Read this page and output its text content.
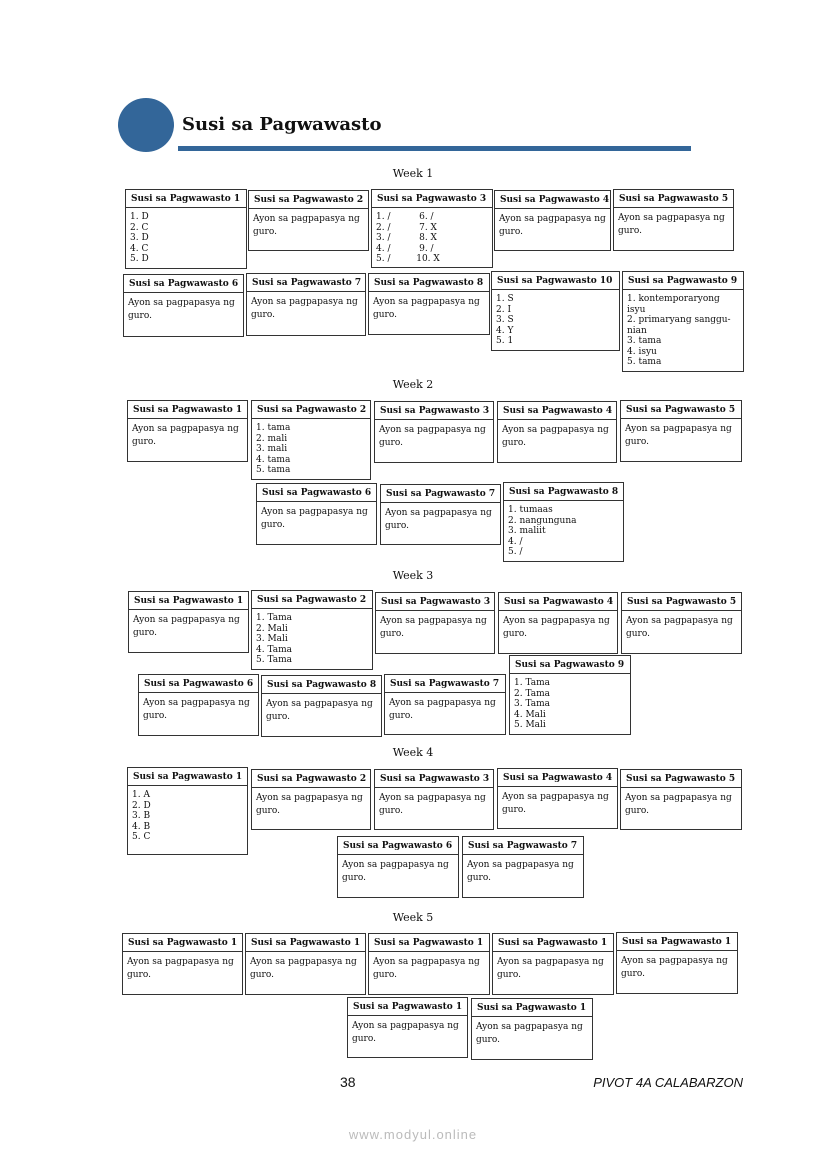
Susi sa Pagwawasto
Week 1
Susi sa Pagwawasto 1
1. D
2. C
3. D
4. C
5. D
Susi sa Pagwawasto 2
Ayon sa pagpapasya ng guro.
Susi sa Pagwawasto 3
1. /          6. /
2. /          7. X
3. /          8. X
4. /          9. /
5. /         10. X
Susi sa Pagwawasto 4
Ayon sa pagpapasya ng guro.
Susi sa Pagwawasto 5
Ayon sa pagpapasya ng guro.
Susi sa Pagwawasto 6
Ayon sa pagpapasya ng guro.
Susi sa Pagwawasto 7
Ayon sa pagpapasya ng guro.
Susi sa Pagwawasto 8
Ayon sa pagpapasya ng guro.
Susi sa Pagwawasto 10
1. S
2. I
3. S
4. Y
5. 1
Susi sa Pagwawasto 9
1. kontemporaryong
isyu
2. primaryang sanggu-
nian
3. tama
4. isyu
5. tama
Week 2
Susi sa Pagwawasto 1
Ayon sa pagpapasya ng guro.
Susi sa Pagwawasto 2
1. tama
2. mali
3. mali
4. tama
5. tama
Susi sa Pagwawasto 3
Ayon sa pagpapasya ng guro.
Susi sa Pagwawasto 4
Ayon sa pagpapasya ng guro.
Susi sa Pagwawasto 5
Ayon sa pagpapasya ng guro.
Susi sa Pagwawasto 6
Ayon sa pagpapasya ng guro.
Susi sa Pagwawasto 7
Ayon sa pagpapasya ng guro.
Susi sa Pagwawasto 8
1. tumaas
2. nangunguna
3. maliit
4. /
5. /
Week 3
Susi sa Pagwawasto 1
Ayon sa pagpapasya ng guro.
Susi sa Pagwawasto 2
1. Tama
2. Mali
3. Mali
4. Tama
5. Tama
Susi sa Pagwawasto 3
Ayon sa pagpapasya ng guro.
Susi sa Pagwawasto 4
Ayon sa pagpapasya ng guro.
Susi sa Pagwawasto 5
Ayon sa pagpapasya ng guro.
Susi sa Pagwawasto 6
Ayon sa pagpapasya ng guro.
Susi sa Pagwawasto 8
Ayon sa pagpapasya ng guro.
Susi sa Pagwawasto 7
Ayon sa pagpapasya ng guro.
Susi sa Pagwawasto 9
1. Tama
2. Tama
3. Tama
4. Mali
5. Mali
Week 4
Susi sa Pagwawasto 1
1. A
2. D
3. B
4. B
5. C
Susi sa Pagwawasto 2
Ayon sa pagpapasya ng guro.
Susi sa Pagwawasto 3
Ayon sa pagpapasya ng guro.
Susi sa Pagwawasto 4
Ayon sa pagpapasya ng guro.
Susi sa Pagwawasto 5
Ayon sa pagpapasya ng guro.
Susi sa Pagwawasto 6
Ayon sa pagpapasya ng guro.
Susi sa Pagwawasto 7
Ayon sa pagpapasya ng guro.
Week 5
Susi sa Pagwawasto 1
Ayon sa pagpapasya ng guro.
Susi sa Pagwawasto 1
Ayon sa pagpapasya ng guro.
Susi sa Pagwawasto 1
Ayon sa pagpapasya ng guro.
Susi sa Pagwawasto 1
Ayon sa pagpapasya ng guro.
Susi sa Pagwawasto 1
Ayon sa pagpapasya ng guro.
Susi sa Pagwawasto 1
Ayon sa pagpapasya ng guro.
Susi sa Pagwawasto 1
Ayon sa pagpapasya ng guro.
38	PIVOT 4A CALABARZON
www.modyul.online
